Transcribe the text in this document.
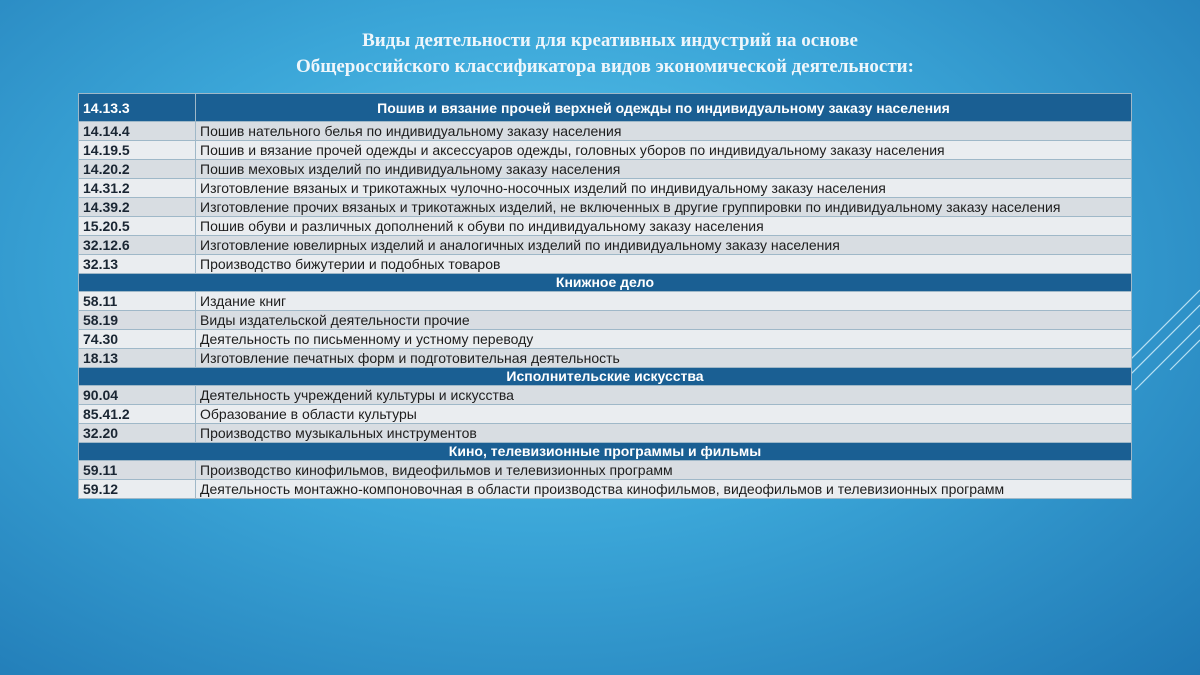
Виды деятельности для креативных индустрий на основе
Общероссийского классификатора видов экономической деятельности:
14.13.3	Пошив и вязание прочей верхней одежды по индивидуальному заказу населения
14.14.4	Пошив нательного белья по индивидуальному заказу населения
14.19.5	Пошив и вязание прочей одежды и аксессуаров одежды, головных уборов по индивидуальному заказу населения
14.20.2	Пошив меховых изделий по индивидуальному заказу населения
14.31.2	Изготовление вязаных и трикотажных чулочно-носочных изделий по индивидуальному заказу населения
14.39.2	Изготовление прочих вязаных и трикотажных изделий, не включенных в другие группировки по индивидуальному заказу населения
15.20.5	Пошив обуви и различных дополнений к обуви по индивидуальному заказу населения
32.12.6	Изготовление ювелирных изделий и аналогичных изделий по индивидуальному заказу населения
32.13	Производство бижутерии и подобных товаров
Книжное дело	
58.11	Издание книг
58.19	Виды издательской деятельности прочие
74.30	Деятельность по письменному и устному переводу
18.13	Изготовление печатных форм и подготовительная деятельность
Исполнительские искусства	
90.04	Деятельность учреждений культуры и искусства
85.41.2	Образование в области культуры
32.20	Производство музыкальных инструментов
Кино, телевизионные программы и фильмы	
59.11	Производство кинофильмов, видеофильмов и телевизионных программ
59.12	Деятельность монтажно-компоновочная в области производства кинофильмов, видеофильмов и телевизионных программ
